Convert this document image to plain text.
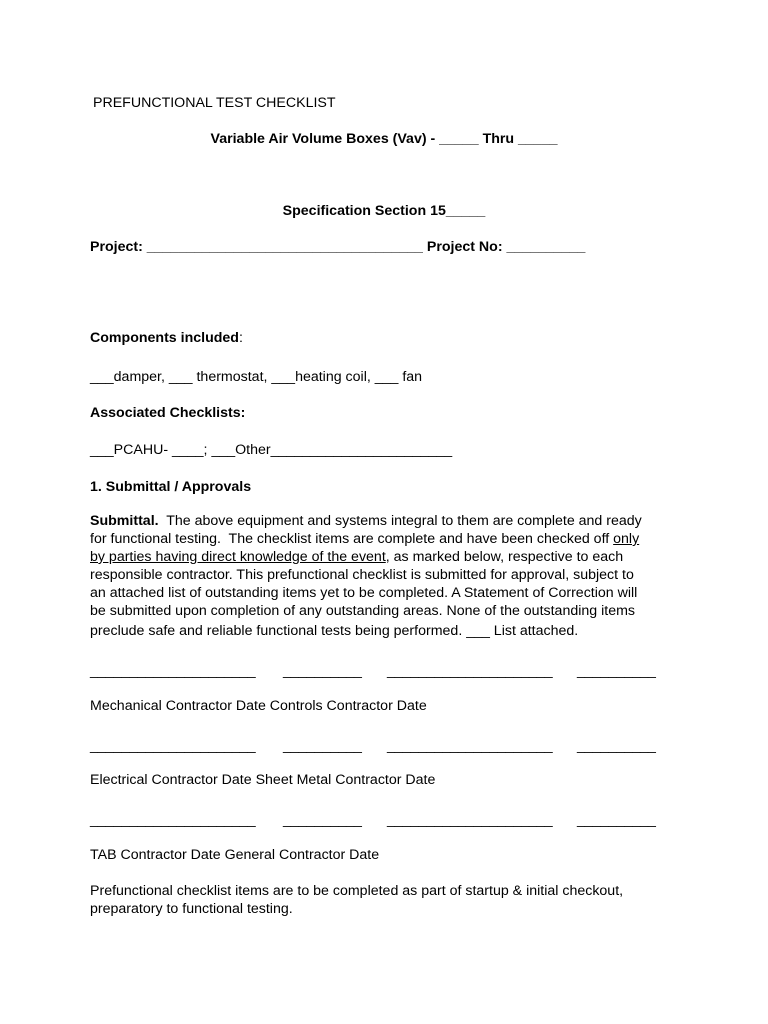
PREFUNCTIONAL TEST CHECKLIST
Variable Air Volume Boxes (Vav) - _____ Thru _____
Specification Section 15_____
Project: ___________________________________ Project No: __________
Components included:
___damper, ___ thermostat, ___heating coil, ___ fan
Associated Checklists:
___PCAHU- ____; ___Other_______________________
1. Submittal / Approvals
Submittal.  The above equipment and systems integral to them are complete and ready
for functional testing.  The checklist items are complete and have been checked off only
by parties having direct knowledge of the event, as marked below, respective to each
responsible contractor. This prefunctional checklist is submitted for approval, subject to
an attached list of outstanding items yet to be completed. A Statement of Correction will
be submitted upon completion of any outstanding areas. None of the outstanding items
preclude safe and reliable functional tests being performed. ___ List attached.
_____________________ __________ _____________________ __________
Mechanical Contractor Date Controls Contractor Date
_____________________ __________ _____________________ __________
Electrical Contractor Date Sheet Metal Contractor Date
_____________________ __________ _____________________ __________
TAB Contractor Date General Contractor Date
Prefunctional checklist items are to be completed as part of startup & initial checkout,
preparatory to functional testing.
